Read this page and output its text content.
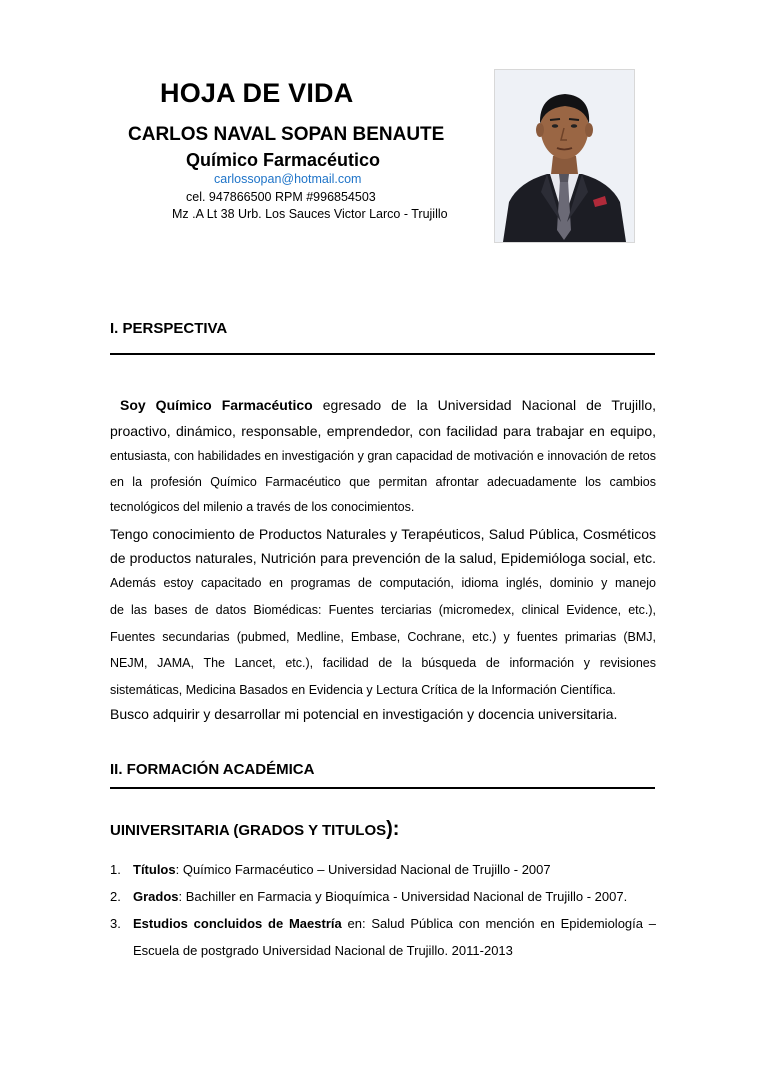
HOJA DE VIDA
CARLOS NAVAL SOPAN BENAUTE
Químico Farmacéutico
carlossopan@hotmail.com
cel. 947866500 RPM #996854503
Mz .A Lt 38 Urb. Los Sauces Victor Larco - Trujillo
I. PERSPECTIVA
Soy Químico Farmacéutico egresado de la Universidad Nacional de Trujillo,
proactivo, dinámico, responsable, emprendedor, con facilidad para trabajar en equipo,
entusiasta, con habilidades en investigación y gran capacidad de motivación e innovación de retos
en la profesión Químico Farmacéutico que permitan afrontar adecuadamente los cambios
tecnológicos del milenio a través de los conocimientos.
Tengo conocimiento de Productos Naturales y Terapéuticos, Salud Pública, Cosméticos
de productos naturales, Nutrición para prevención de la salud, Epidemióloga social, etc.
Además estoy capacitado en programas de computación, idioma inglés, dominio y manejo
de las bases de datos Biomédicas: Fuentes terciarias (micromedex, clinical Evidence, etc.),
Fuentes secundarias (pubmed, Medline, Embase, Cochrane, etc.) y fuentes primarias (BMJ,
NEJM, JAMA, The Lancet, etc.), facilidad de la búsqueda de información y revisiones
sistemáticas, Medicina Basados en Evidencia y Lectura Crítica de la Información Científica.
Busco adquirir y desarrollar mi potencial en investigación y docencia universitaria.
II. FORMACIÓN ACADÉMICA
UINIVERSITARIA (GRADOS Y TITULOS):
1. Títulos: Químico Farmacéutico – Universidad Nacional de Trujillo - 2007
2. Grados: Bachiller en Farmacia y Bioquímica - Universidad Nacional de Trujillo - 2007.
3. Estudios concluidos de Maestría en: Salud Pública con mención en Epidemiología –
Escuela de postgrado Universidad Nacional de Trujillo. 2011-2013
